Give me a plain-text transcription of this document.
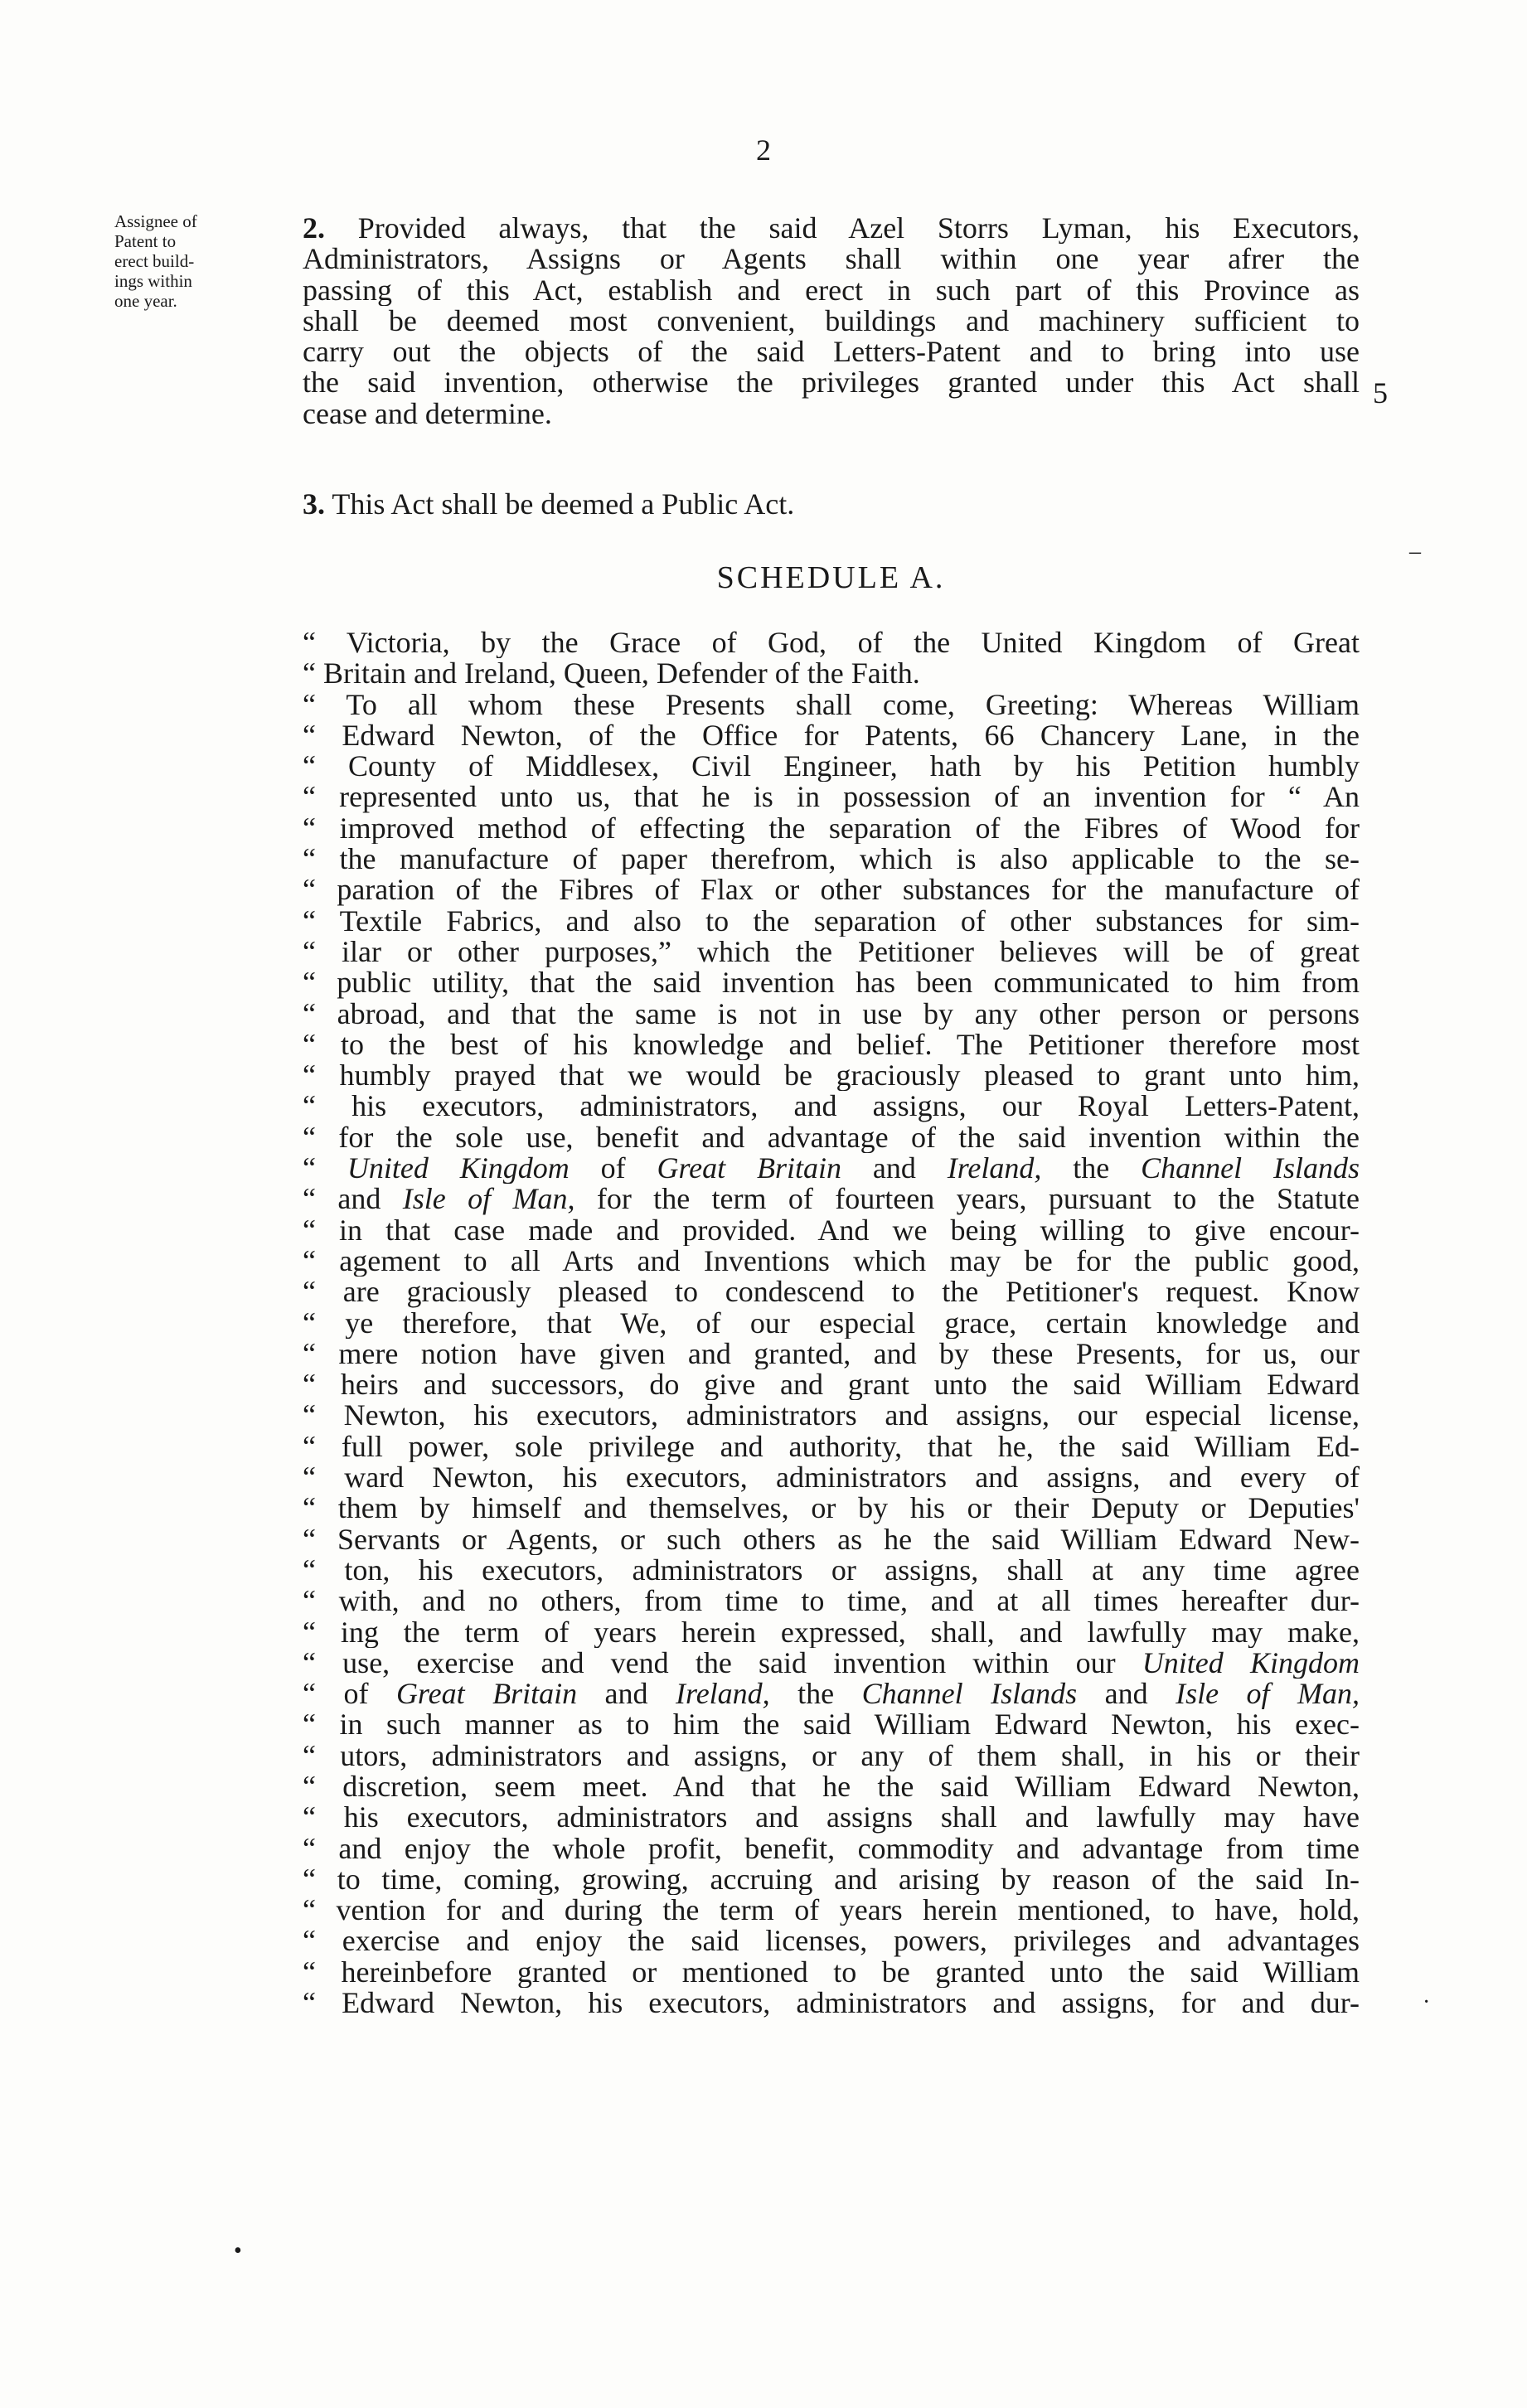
2
Assignee of
Patent to
erect build-
ings within
one year.
5
2. Provided always, that the said Azel Storrs Lyman, his Executors,
Administrators, Assigns or Agents shall within one year afrer the
passing of this Act, establish and erect in such part of this Province as
shall be deemed most convenient, buildings and machinery sufficient to
carry out the objects of the said Letters-Patent and to bring into use
the said invention, otherwise the privileges granted under this Act shall
cease and determine.
3. This Act shall be deemed a Public Act.
SCHEDULE A.
“ Victoria, by the Grace of God, of the United Kingdom of Great
“ Britain and Ireland, Queen, Defender of the Faith.
“ To all whom these Presents shall come, Greeting: Whereas William
“ Edward Newton, of the Office for Patents, 66 Chancery Lane, in the
“ County of Middlesex, Civil Engineer, hath by his Petition humbly
“ represented unto us, that he is in possession of an invention for “ An
“ improved method of effecting the separation of the Fibres of Wood for
“ the manufacture of paper therefrom, which is also applicable to the se-
“ paration of the Fibres of Flax or other substances for the manufacture of
“ Textile Fabrics, and also to the separation of other substances for sim-
“ ilar or other purposes,” which the Petitioner believes will be of great
“ public utility, that the said invention has been communicated to him from
“ abroad, and that the same is not in use by any other person or persons
“ to the best of his knowledge and belief. The Petitioner therefore most
“ humbly prayed that we would be graciously pleased to grant unto him,
“ his executors, administrators, and assigns, our Royal Letters-Patent,
“ for the sole use, benefit and advantage of the said invention within the
“ United Kingdom of Great Britain and Ireland, the Channel Islands
“ and Isle of Man, for the term of fourteen years, pursuant to the Statute
“ in that case made and provided. And we being willing to give encour-
“ agement to all Arts and Inventions which may be for the public good,
“ are graciously pleased to condescend to the Petitioner's request. Know
“ ye therefore, that We, of our especial grace, certain knowledge and
“ mere notion have given and granted, and by these Presents, for us, our
“ heirs and successors, do give and grant unto the said William Edward
“ Newton, his executors, administrators and assigns, our especial license,
“ full power, sole privilege and authority, that he, the said William Ed-
“ ward Newton, his executors, administrators and assigns, and every of
“ them by himself and themselves, or by his or their Deputy or Deputies'
“ Servants or Agents, or such others as he the said William Edward New-
“ ton, his executors, administrators or assigns, shall at any time agree
“ with, and no others, from time to time, and at all times hereafter dur-
“ ing the term of years herein expressed, shall, and lawfully may make,
“ use, exercise and vend the said invention within our United Kingdom
“ of Great Britain and Ireland, the Channel Islands and Isle of Man,
“ in such manner as to him the said William Edward Newton, his exec-
“ utors, administrators and assigns, or any of them shall, in his or their
“ discretion, seem meet. And that he the said William Edward Newton,
“ his executors, administrators and assigns shall and lawfully may have
“ and enjoy the whole profit, benefit, commodity and advantage from time
“ to time, coming, growing, accruing and arising by reason of the said In-
“ vention for and during the term of years herein mentioned, to have, hold,
“ exercise and enjoy the said licenses, powers, privileges and advantages
“ hereinbefore granted or mentioned to be granted unto the said William
“ Edward Newton, his executors, administrators and assigns, for and dur-
–
·
•
